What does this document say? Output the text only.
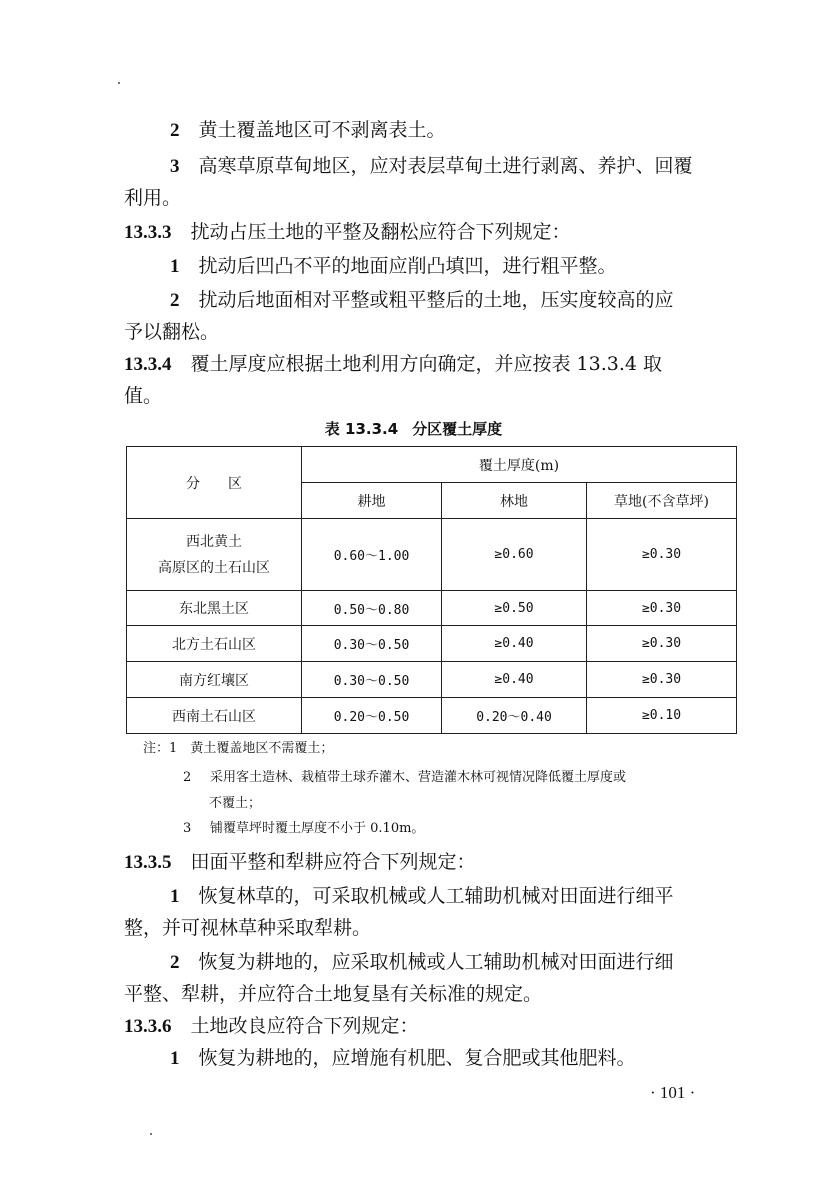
2　 黄土覆盖地区可不剥离表土。
3　 高寒草原草甸地区，应对表层草甸土进行剥离、养护、回覆
利用。
13.3.3　 扰动占压土地的平整及翻松应符合下列规定：
1　 扰动后凹凸不平的地面应削凸填凹，进行粗平整。
2　 扰动后地面相对平整或粗平整后的土地，压实度较高的应
予以翻松。
13.3.4　 覆土厚度应根据土地利用方向确定，并应按表 13.3.4 取
值。
表 13.3.4 分区覆土厚度
分　　区	覆土厚度(m)		
	耕地	林地	草地(不含草坪)

西北黄土
高原区的土石山区	0.60～1.00	≥0.60	≥0.30
东北黑土区	0.50～0.80	≥0.50	≥0.30
北方土石山区	0.30～0.50	≥0.40	≥0.30
南方红壤区	0.30～0.50	≥0.40	≥0.30
西南土石山区	0.20～0.50	0.20～0.40	≥0.10
注：1　 黄土覆盖地区不需覆土；
2　 采用客土造林、栽植带土球乔灌木、营造灌木林可视情况降低覆土厚度或
不覆土；
3　 铺覆草坪时覆土厚度不小于 0.10m。
13.3.5　 田面平整和犁耕应符合下列规定：
1　 恢复林草的，可采取机械或人工辅助机械对田面进行细平
整，并可视林草种采取犁耕。
2　 恢复为耕地的，应采取机械或人工辅助机械对田面进行细
平整、犁耕，并应符合土地复垦有关标准的规定。
13.3.6　 土地改良应符合下列规定：
1　 恢复为耕地的，应增施有机肥、复合肥或其他肥料。
· 101 ·
